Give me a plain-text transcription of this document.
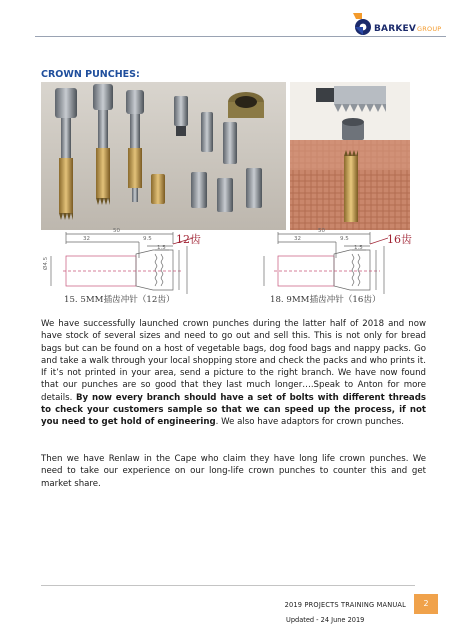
BARKEVGROUP
CROWN PUNCHES:
50
32	9.5
1.5
Ø4.5
50
32	9.5
1.5
12齿	16齿
15. 5MM插齿冲针（12齿）	18. 9MM插齿冲针（16齿）
We have successfully launched crown punches during the latter half of 2018 and now have stock of several sizes and need to go out and sell this. This is not only for bread bags but can be found on a host of vegetable bags, dog food bags and nappy packs. Go and take a walk through your local shopping store and check the packs and who prints it. If it’s not printed in your area, send a picture to the right branch. We have now found that our punches are so good that they last much longer….Speak to Anton for more details. By now every branch should have a set of bolts with different threads to check your customers sample so that we can speed up the process, if not you need to get hold of engineering. We also have adaptors for crown punches.
Then we have Renlaw in the Cape who claim they have long life crown punches. We need to take our experience on our long-life crown punches to counter this and get market share.
2019 PROJECTS TRAINING MANUAL	2
Updated - 24 June 2019
